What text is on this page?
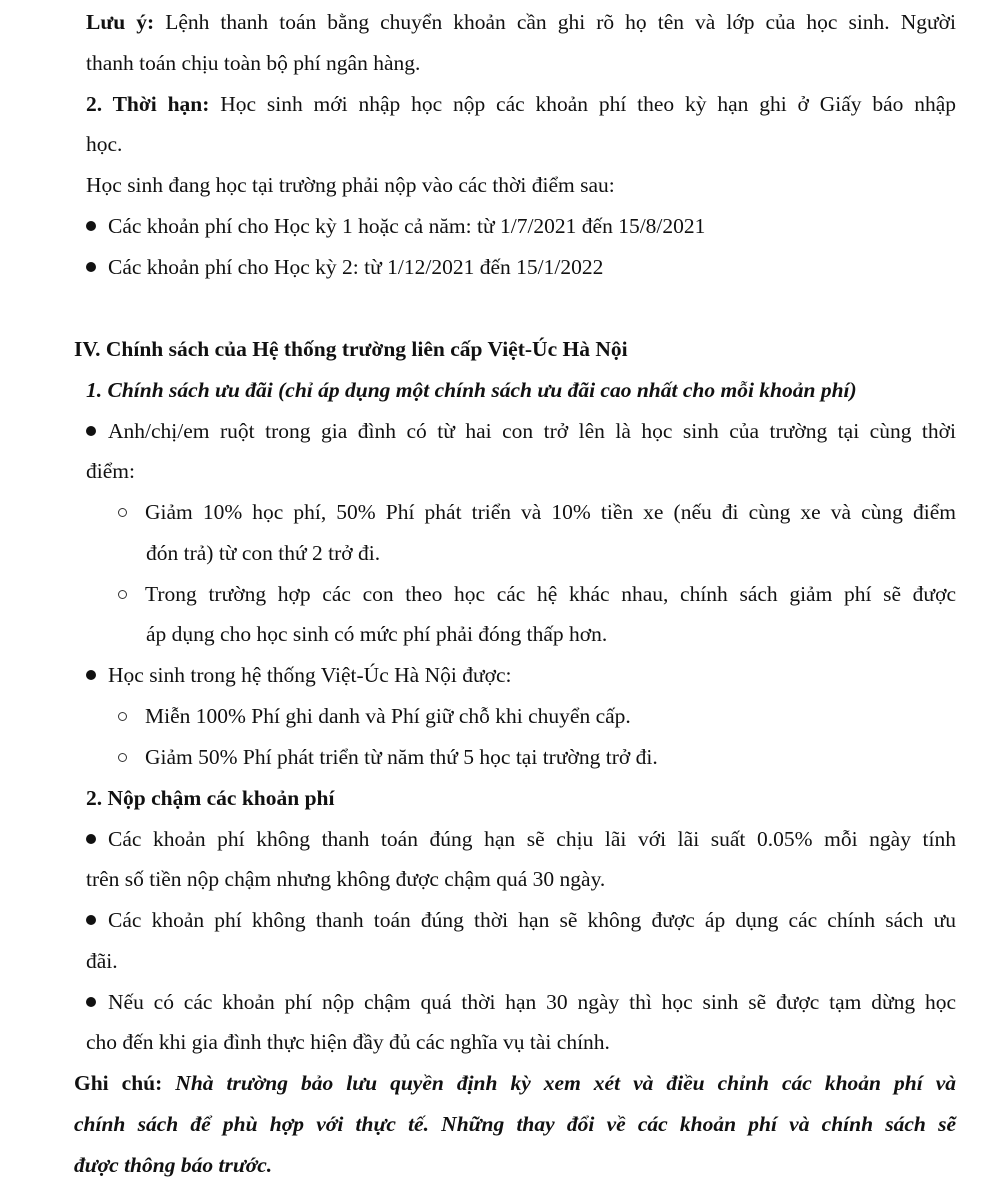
Lưu ý: Lệnh thanh toán bằng chuyển khoản cần ghi rõ họ tên và lớp của học sinh. Người
thanh toán chịu toàn bộ phí ngân hàng.
2. Thời hạn: Học sinh mới nhập học nộp các khoản phí theo kỳ hạn ghi ở Giấy báo nhập
học.
Học sinh đang học tại trường phải nộp vào các thời điểm sau:
Các khoản phí cho Học kỳ 1 hoặc cả năm: từ 1/7/2021 đến 15/8/2021
Các khoản phí cho Học kỳ 2: từ 1/12/2021 đến 15/1/2022
IV. Chính sách của Hệ thống trường liên cấp Việt-Úc Hà Nội
1. Chính sách ưu đãi (chỉ áp dụng một chính sách ưu đãi cao nhất cho mỗi khoản phí)
Anh/chị/em ruột trong gia đình có từ hai con trở lên là học sinh của trường tại cùng thời
điểm:
Giảm 10% học phí, 50% Phí phát triển và 10% tiền xe (nếu đi cùng xe và cùng điểm
đón trả) từ con thứ 2 trở đi.
Trong trường hợp các con theo học các hệ khác nhau, chính sách giảm phí sẽ được
áp dụng cho học sinh có mức phí phải đóng thấp hơn.
Học sinh trong hệ thống Việt-Úc Hà Nội được:
Miễn 100% Phí ghi danh và Phí giữ chỗ khi chuyển cấp.
Giảm 50% Phí phát triển từ năm thứ 5 học tại trường trở đi.
2. Nộp chậm các khoản phí
Các khoản phí không thanh toán đúng hạn sẽ chịu lãi với lãi suất 0.05% mỗi ngày tính
trên số tiền nộp chậm nhưng không được chậm quá 30 ngày.
Các khoản phí không thanh toán đúng thời hạn sẽ không được áp dụng các chính sách ưu
đãi.
Nếu có các khoản phí nộp chậm quá thời hạn 30 ngày thì học sinh sẽ được tạm dừng học
cho đến khi gia đình thực hiện đầy đủ các nghĩa vụ tài chính.
Ghi chú: Nhà trường bảo lưu quyền định kỳ xem xét và điều chỉnh các khoản phí và
chính sách để phù hợp với thực tế. Những thay đổi về các khoản phí và chính sách sẽ
được thông báo trước.
